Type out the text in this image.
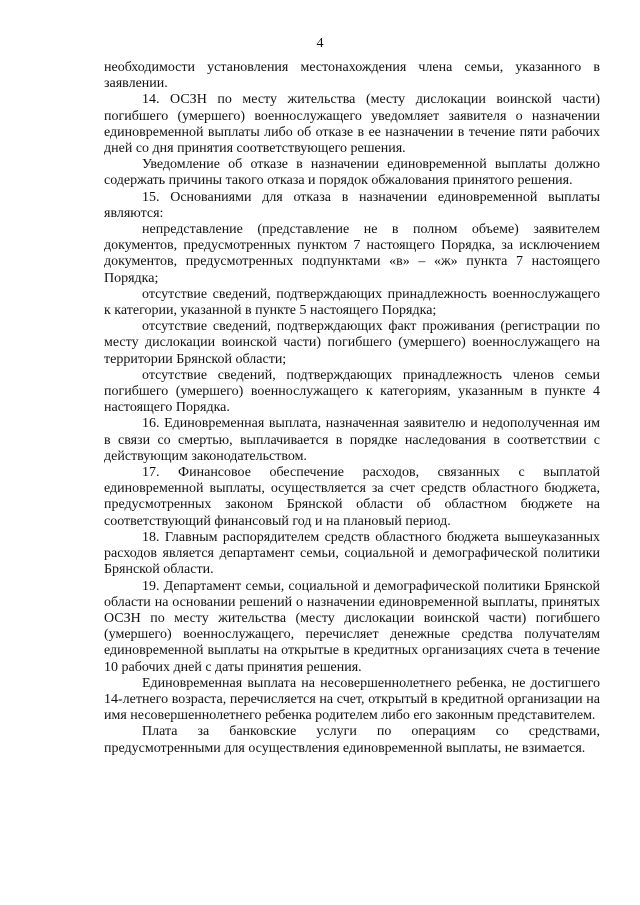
4

необходимости установления местонахождения члена семьи, указанного в заявлении.

14. ОСЗН по месту жительства (месту дислокации воинской части) погибшего (умершего) военнослужащего уведомляет заявителя о назначении единовременной выплаты либо об отказе в ее назначении в течение пяти рабочих дней со дня принятия соответствующего решения.

Уведомление об отказе в назначении единовременной выплаты должно содержать причины такого отказа и порядок обжалования принятого решения.

15. Основаниями для отказа в назначении единовременной выплаты являются:

непредставление (представление не в полном объеме) заявителем документов, предусмотренных пунктом 7 настоящего Порядка, за исключением документов, предусмотренных подпунктами «в» – «ж» пункта 7 настоящего Порядка;

отсутствие сведений, подтверждающих принадлежность военнослужащего к категории, указанной в пункте 5 настоящего Порядка;

отсутствие сведений, подтверждающих факт проживания (регистрации по месту дислокации воинской части) погибшего (умершего) военнослужащего на территории Брянской области;

отсутствие сведений, подтверждающих принадлежность членов семьи погибшего (умершего) военнослужащего к категориям, указанным в пункте 4 настоящего Порядка.

16. Единовременная выплата, назначенная заявителю и недополученная им в связи со смертью, выплачивается в порядке наследования в соответствии с действующим законодательством.

17. Финансовое обеспечение расходов, связанных с выплатой единовременной выплаты, осуществляется за счет средств областного бюджета, предусмотренных законом Брянской области об областном бюджете на соответствующий финансовый год и на плановый период.

18. Главным распорядителем средств областного бюджета вышеуказанных расходов является департамент семьи, социальной и демографической политики Брянской области.

19. Департамент семьи, социальной и демографической политики Брянской области на основании решений о назначении единовременной выплаты, принятых ОСЗН по месту жительства (месту дислокации воинской части) погибшего (умершего) военнослужащего, перечисляет денежные средства получателям единовременной выплаты на открытые в кредитных организациях счета в течение 10 рабочих дней с даты принятия решения.

Единовременная выплата на несовершеннолетнего ребенка, не достигшего 14-летнего возраста, перечисляется на счет, открытый в кредитной организации на имя несовершеннолетнего ребенка родителем либо его законным представителем.

Плата за банковские услуги по операциям со средствами, предусмотренными для осуществления единовременной выплаты, не взимается.
